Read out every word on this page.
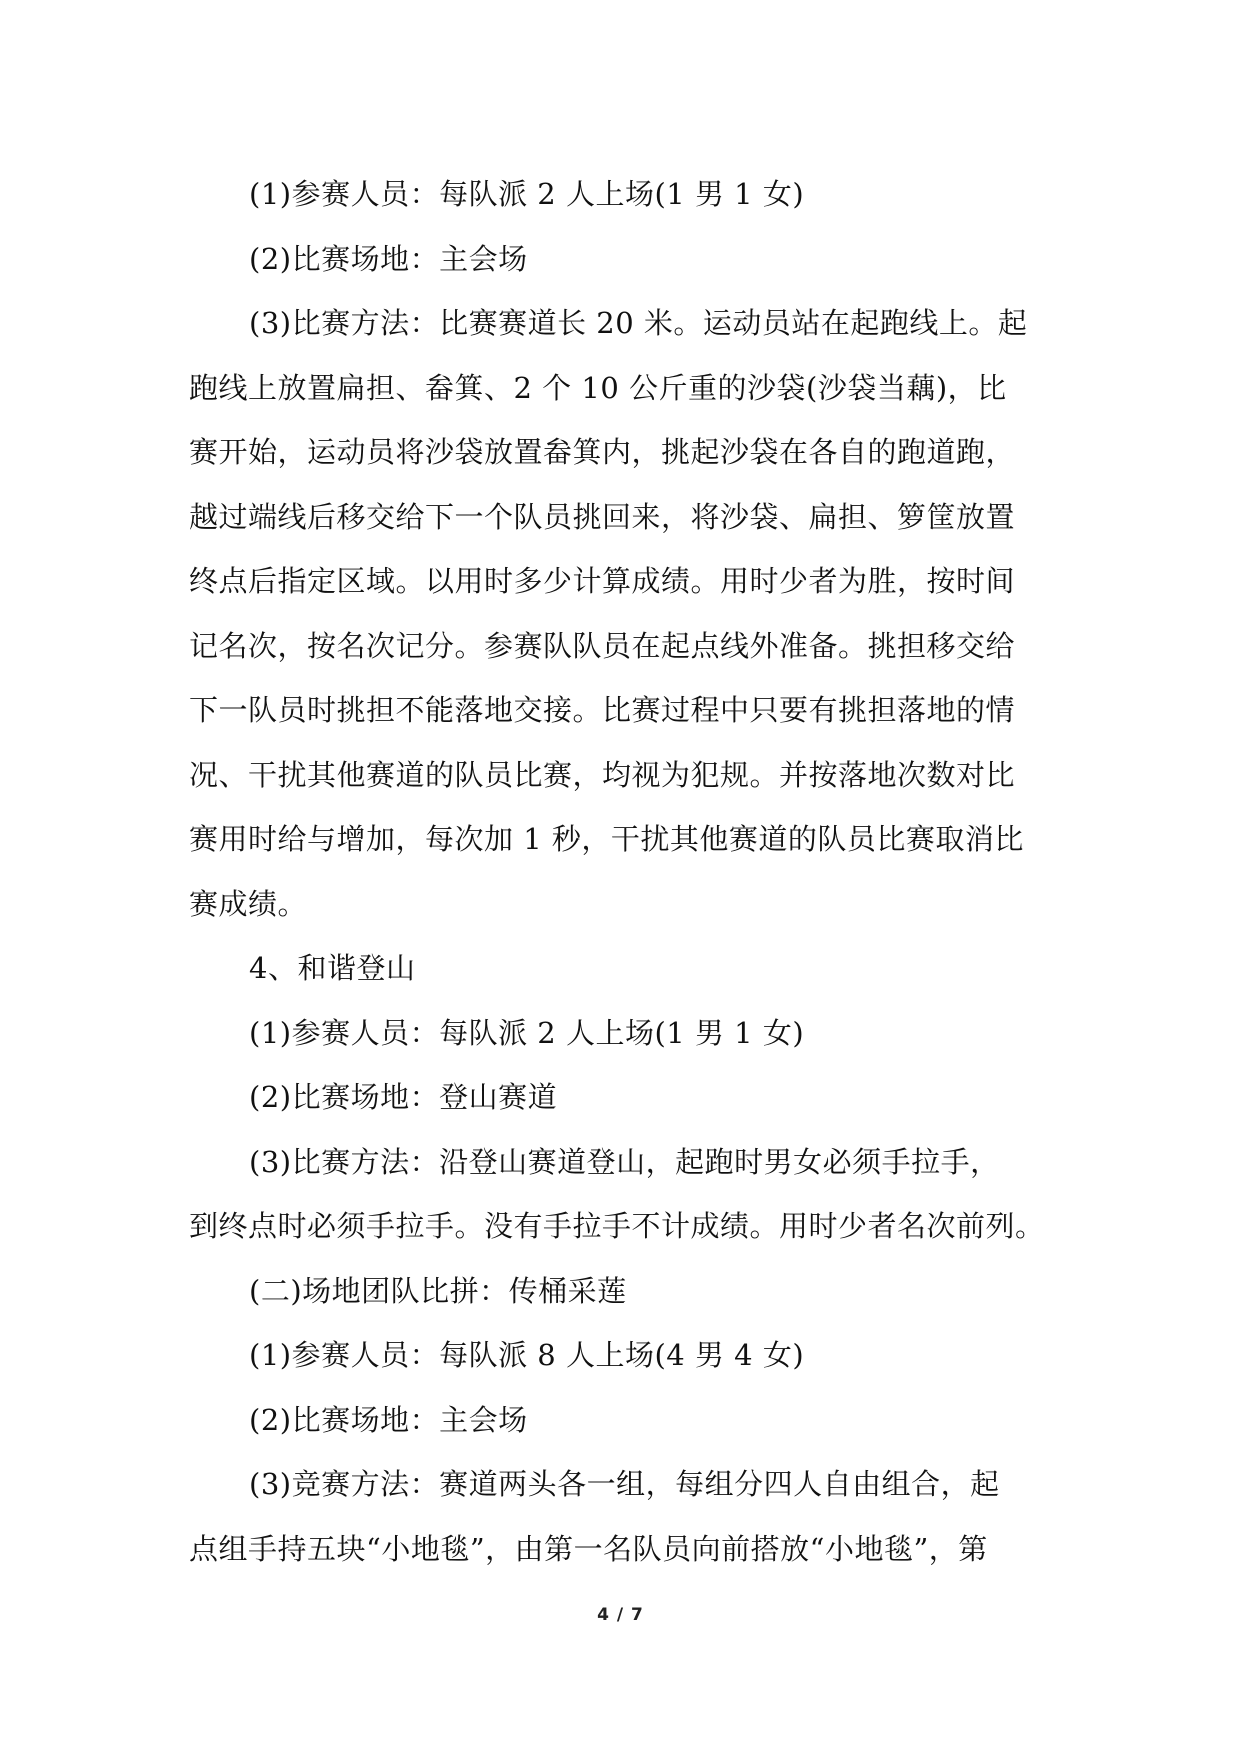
(1)参赛人员：每队派 2 人上场(1 男 1 女)
(2)比赛场地：主会场
(3)比赛方法：比赛赛道长 20 米。运动员站在起跑线上。起
跑线上放置扁担、畚箕、2 个 10 公斤重的沙袋(沙袋当藕)，比
赛开始，运动员将沙袋放置畚箕内，挑起沙袋在各自的跑道跑，
越过端线后移交给下一个队员挑回来，将沙袋、扁担、箩筐放置
终点后指定区域。以用时多少计算成绩。用时少者为胜，按时间
记名次，按名次记分。参赛队队员在起点线外准备。挑担移交给
下一队员时挑担不能落地交接。比赛过程中只要有挑担落地的情
况、干扰其他赛道的队员比赛，均视为犯规。并按落地次数对比
赛用时给与增加，每次加 1 秒，干扰其他赛道的队员比赛取消比
赛成绩。
4、和谐登山
(1)参赛人员：每队派 2 人上场(1 男 1 女)
(2)比赛场地：登山赛道
(3)比赛方法：沿登山赛道登山，起跑时男女必须手拉手，
到终点时必须手拉手。没有手拉手不计成绩。用时少者名次前列。
(二)场地团队比拼：传桶采莲
(1)参赛人员：每队派 8 人上场(4 男 4 女)
(2)比赛场地：主会场
(3)竞赛方法：赛道两头各一组，每组分四人自由组合，起
点组手持五块“小地毯”，由第一名队员向前搭放“小地毯”，第
4 / 7
